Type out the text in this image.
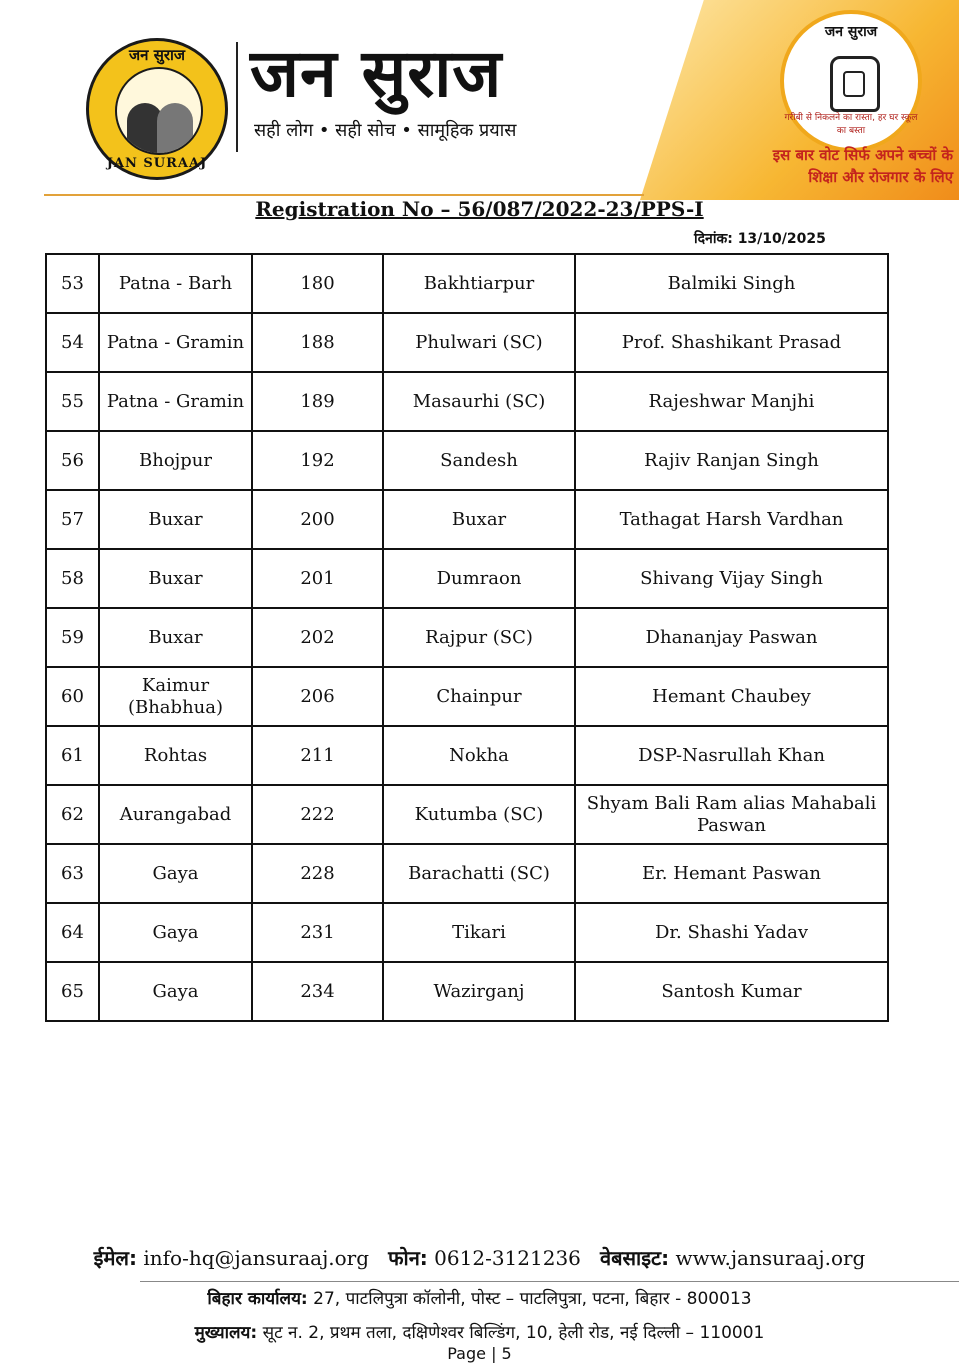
जन सुराज
JAN SURAAJ
जन सुराज
सही लोग • सही सोच • सामूहिक प्रयास
जन सुराज
गरीबी से निकलने का रास्ता, हर घर स्कूल का बस्ता
इस बार वोट सिर्फ अपने बच्चों के
शिक्षा और रोजगार के लिए
Registration No – 56/087/2022-23/PPS-I
दिनांक: 13/10/2025
53	Patna - Barh	180	Bakhtiarpur	Balmiki Singh
54	Patna - Gramin	188	Phulwari (SC)	Prof. Shashikant Prasad
55	Patna - Gramin	189	Masaurhi (SC)	Rajeshwar Manjhi
56	Bhojpur	192	Sandesh	Rajiv Ranjan Singh
57	Buxar	200	Buxar	Tathagat Harsh Vardhan
58	Buxar	201	Dumraon	Shivang Vijay Singh
59	Buxar	202	Rajpur (SC)	Dhananjay Paswan
60	Kaimur (Bhabhua)	206	Chainpur	Hemant Chaubey
61	Rohtas	211	Nokha	DSP-Nasrullah Khan
62	Aurangabad	222	Kutumba (SC)	Shyam Bali Ram alias Mahabali Paswan
63	Gaya	228	Barachatti (SC)	Er. Hemant Paswan
64	Gaya	231	Tikari	Dr. Shashi Yadav
65	Gaya	234	Wazirganj	Santosh Kumar
ईमेल: info-hq@jansuraaj.org फोन: 0612-3121236 वेबसाइट: www.jansuraaj.org
बिहार कार्यालय: 27, पाटलिपुत्रा कॉलोनी, पोस्ट – पाटलिपुत्रा, पटना, बिहार - 800013
मुख्यालय: सूट न. 2, प्रथम तला, दक्षिणेश्वर बिल्डिंग, 10, हेली रोड, नई दिल्ली – 110001
Page | 5
